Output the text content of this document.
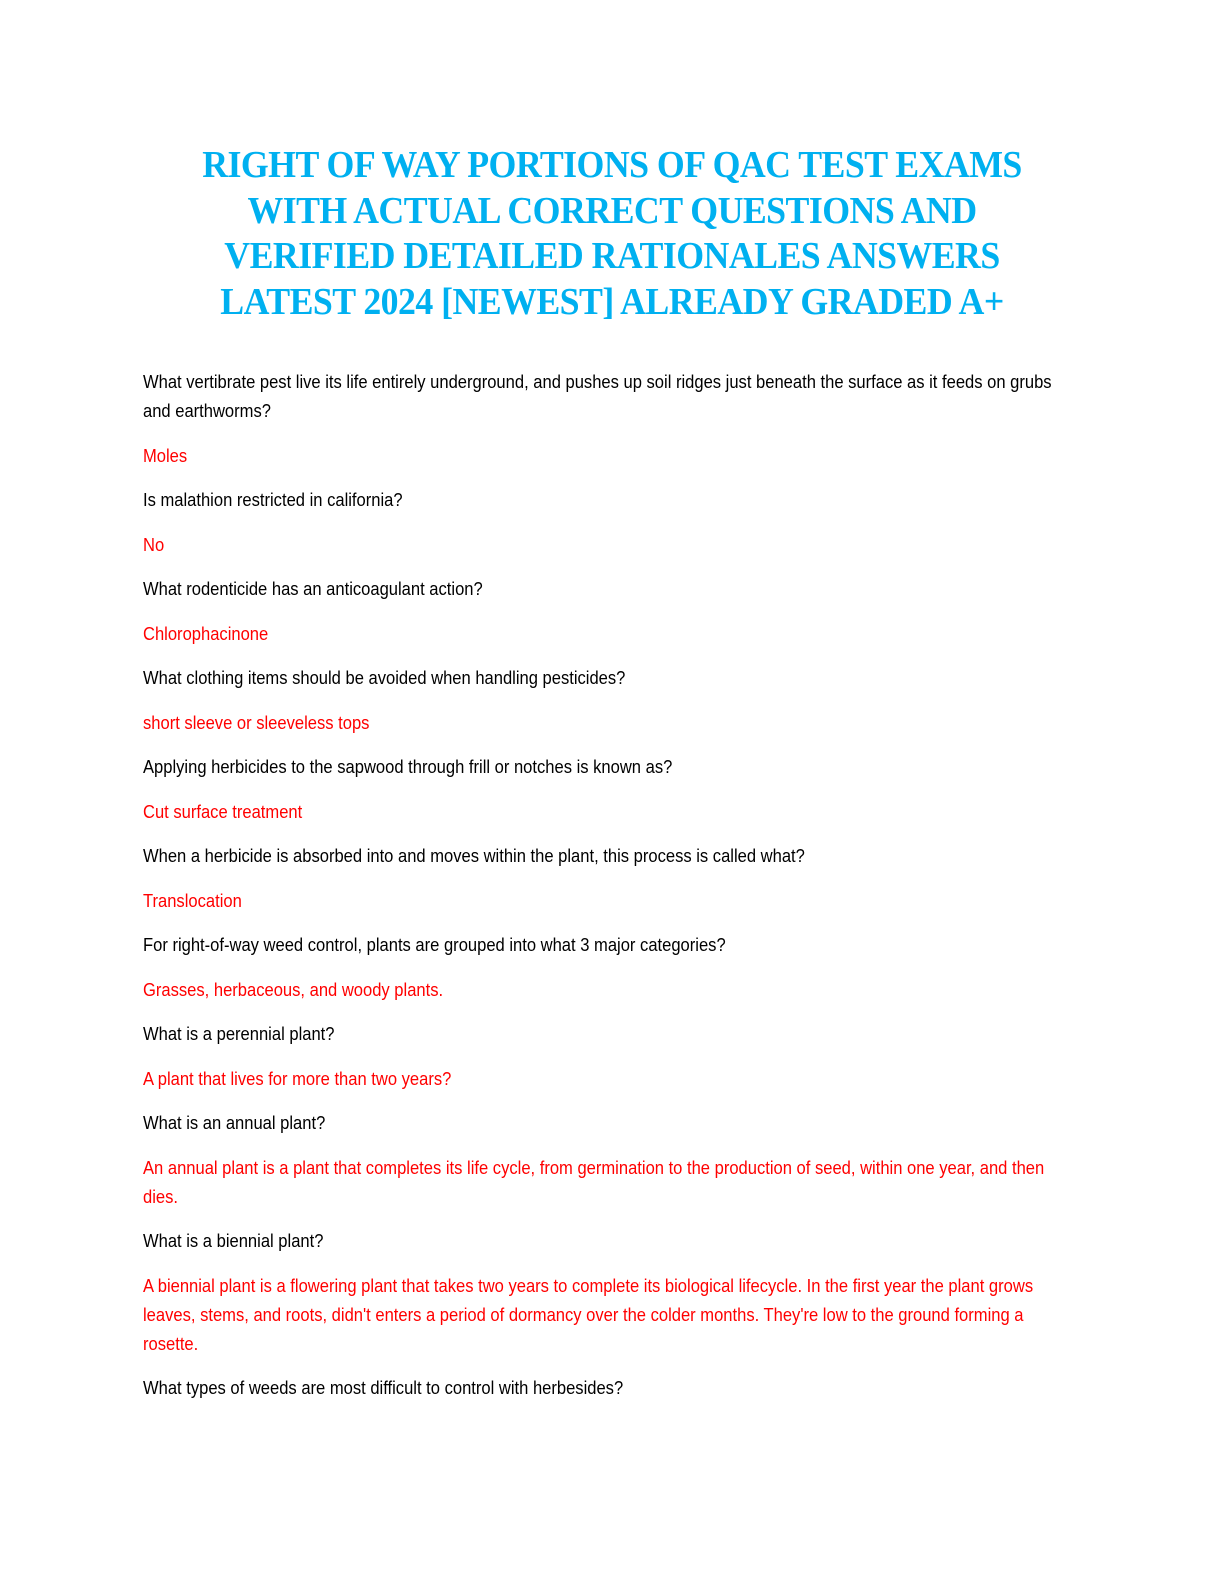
RIGHT OF WAY PORTIONS OF QAC TEST EXAMS
WITH ACTUAL CORRECT QUESTIONS AND
VERIFIED DETAILED RATIONALES ANSWERS
LATEST 2024 [NEWEST] ALREADY GRADED A+

What vertibrate pest live its life entirely underground, and pushes up soil ridges just beneath the surface as it feeds on grubs and earthworms?

Moles

Is malathion restricted in california?

No

What rodenticide has an anticoagulant action?

Chlorophacinone

What clothing items should be avoided when handling pesticides?

short sleeve or sleeveless tops

Applying herbicides to the sapwood through frill or notches is known as?

Cut surface treatment

When a herbicide is absorbed into and moves within the plant, this process is called what?

Translocation

For right-of-way weed control, plants are grouped into what 3 major categories?

Grasses, herbaceous, and woody plants.

What is a perennial plant?

A plant that lives for more than two years?

What is an annual plant?

An annual plant is a plant that completes its life cycle, from germination to the production of seed, within one year, and then dies.

What is a biennial plant?

A biennial plant is a flowering plant that takes two years to complete its biological lifecycle. In the first year the plant grows leaves, stems, and roots, didn't enters a period of dormancy over the colder months. They're low to the ground forming a rosette.

What types of weeds are most difficult to control with herbesides?
